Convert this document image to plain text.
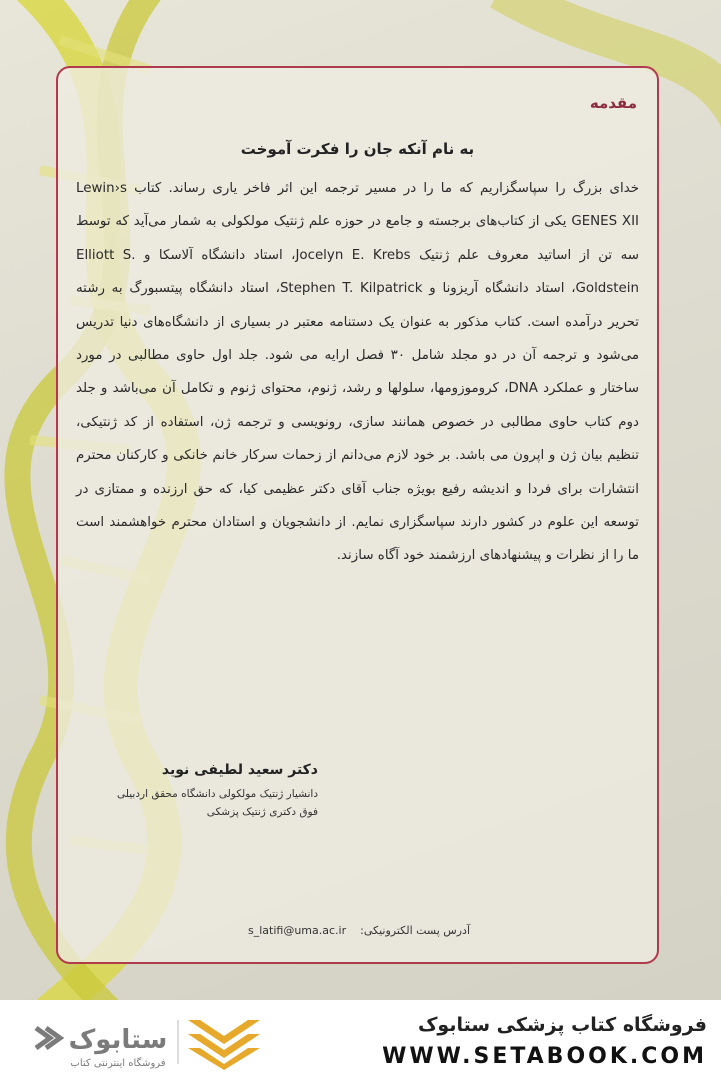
مقدمه
به نام آنکه جان را فکرت آموخت

خدای بزرگ را سپاسگزاریم که ما را در مسیر ترجمه این اثر فاخر یاری رساند. کتاب Lewin›s GENES XII یکی از کتاب‌های برجسته و جامع در حوزه علم ژنتیک مولکولی به شمار می‌آید که توسط سه تن از اساتید معروف علم ژنتیک Jocelyn E. Krebs، استاد دانشگاه آلاسکا و Elliott S. Goldstein، استاد دانشگاه آریزونا و Stephen T. Kilpatrick، استاد دانشگاه پیتسبورگ به رشته تحریر درآمده است. کتاب مذکور به عنوان یک دستنامه معتبر در بسیاری از دانشگاه‌های دنیا تدریس می‌شود و ترجمه آن در دو مجلد شامل ۳۰ فصل ارایه می شود. جلد اول حاوی مطالبی در مورد ساختار و عملکرد DNA، کروموزومها، سلولها و رشد، ژنوم، محتوای ژنوم و تکامل آن می‌باشد و جلد دوم کتاب حاوی مطالبی در خصوص همانند سازی، رونویسی و ترجمه ژن، استفاده از کد ژنتیکی، تنظیم بیان ژن و اپرون می باشد. بر خود لازم می‌دانم از زحمات سرکار خانم خانکی و کارکنان محترم انتشارات برای فردا و اندیشه رفیع بویژه جناب آقای دکتر عظیمی کیا، که حق ارزنده و ممتازی در توسعه این علوم در کشور دارند سپاسگزاری نمایم. از دانشجویان و استادان محترم خواهشمند است ما را از نظرات و پیشنهادهای ارزشمند خود آگاه سازند.

دکتر سعید لطیفی نوید
دانشیار ژنتیک مولکولی دانشگاه محقق اردبیلی
فوق دکتری ژنتیک پزشکی
s_latifi@uma.ac.ir آدرس پست الکترونیکی:
ستابوک
فروشگاه اینترنتی کتاب
فروشگاه کتاب پزشکی ستابوک
WWW.SETABOOK.COM
